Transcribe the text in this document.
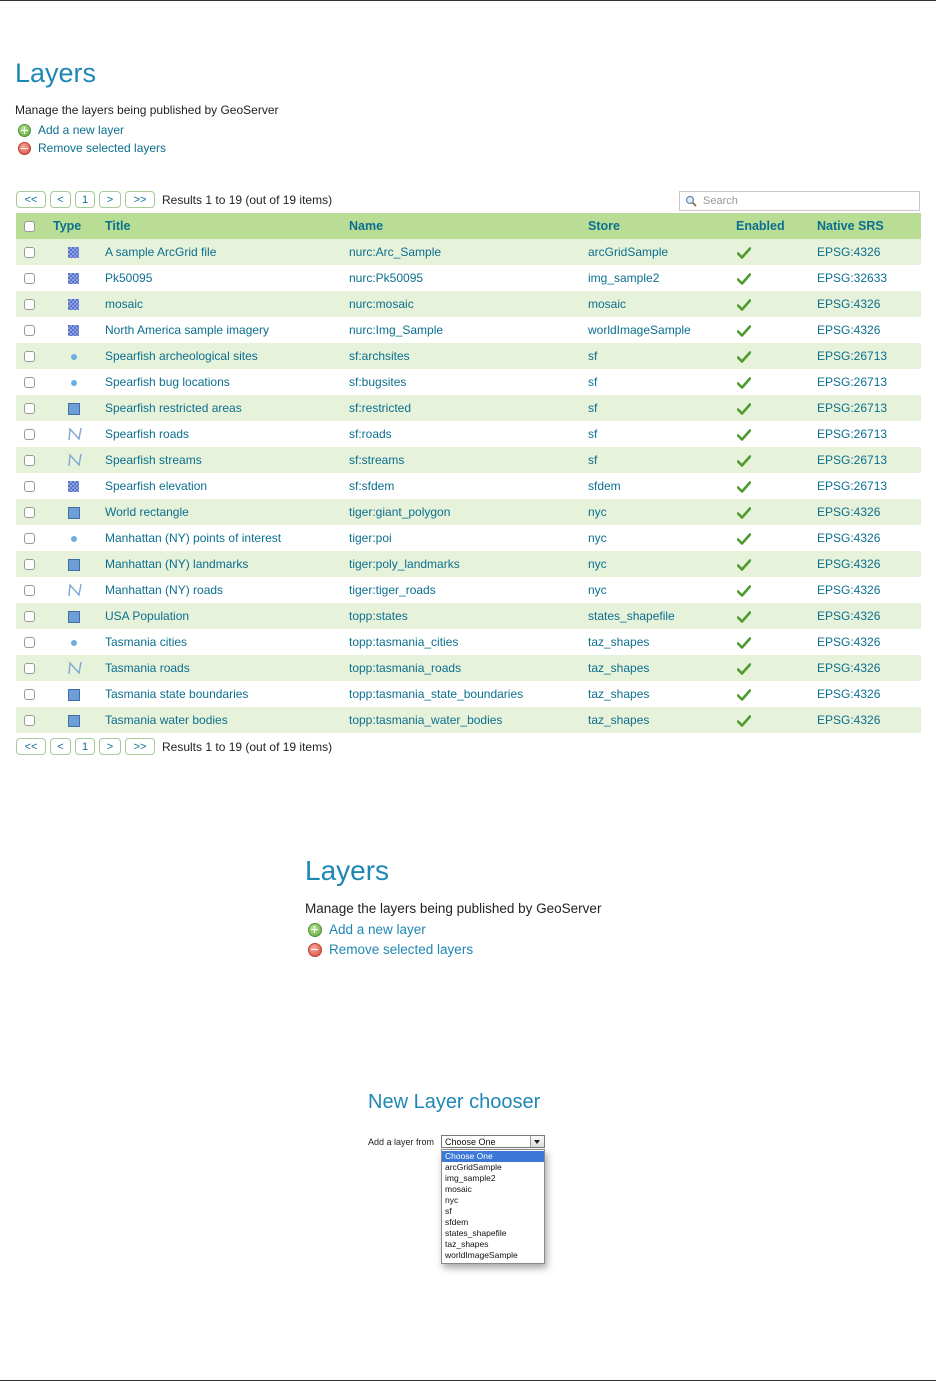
Layers
Manage the layers being published by GeoServer
Add a new layer
Remove selected layers
<<	<	1	>	>>	Results 1 to 19 (out of 19 items)	Search
	Type	Title	Name	Store	Enabled	Native SRS
		A sample ArcGrid file	nurc:Arc_Sample	arcGridSample		EPSG:4326
		Pk50095	nurc:Pk50095	img_sample2		EPSG:32633
		mosaic	nurc:mosaic	mosaic		EPSG:4326
		North America sample imagery	nurc:Img_Sample	worldImageSample		EPSG:4326
		Spearfish archeological sites	sf:archsites	sf		EPSG:26713
		Spearfish bug locations	sf:bugsites	sf		EPSG:26713
		Spearfish restricted areas	sf:restricted	sf		EPSG:26713
		Spearfish roads	sf:roads	sf		EPSG:26713
		Spearfish streams	sf:streams	sf		EPSG:26713
		Spearfish elevation	sf:sfdem	sfdem		EPSG:26713
		World rectangle	tiger:giant_polygon	nyc		EPSG:4326
		Manhattan (NY) points of interest	tiger:poi	nyc		EPSG:4326
		Manhattan (NY) landmarks	tiger:poly_landmarks	nyc		EPSG:4326
		Manhattan (NY) roads	tiger:tiger_roads	nyc		EPSG:4326
		USA Population	topp:states	states_shapefile		EPSG:4326
		Tasmania cities	topp:tasmania_cities	taz_shapes		EPSG:4326
		Tasmania roads	topp:tasmania_roads	taz_shapes		EPSG:4326
		Tasmania state boundaries	topp:tasmania_state_boundaries	taz_shapes		EPSG:4326
		Tasmania water bodies	topp:tasmania_water_bodies	taz_shapes		EPSG:4326
<<	<	1	>	>>	Results 1 to 19 (out of 19 items)
Layers
Manage the layers being published by GeoServer
Add a new layer
Remove selected layers
New Layer chooser
Add a layer from	Choose One
Choose One
arcGridSample
img_sample2
mosaic
nyc
sf
sfdem
states_shapefile
taz_shapes
worldImageSample
